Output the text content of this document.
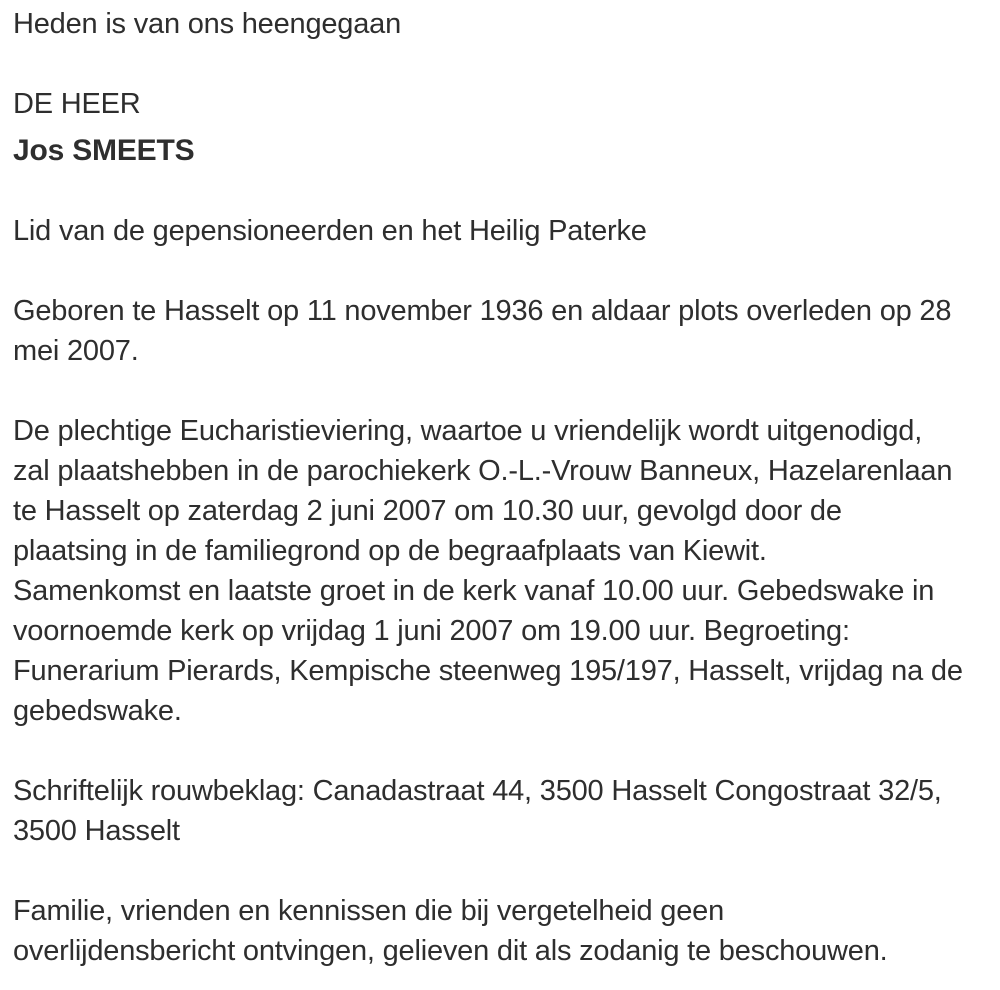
Heden is van ons heengegaan

DE HEER

Jos SMEETS

Lid van de gepensioneerden en het Heilig Paterke

Geboren te Hasselt op 11 november 1936 en aldaar plots overleden op 28
mei 2007.

De plechtige Eucharistieviering, waartoe u vriendelijk wordt uitgenodigd,
zal plaatshebben in de parochiekerk O.-L.-Vrouw Banneux, Hazelarenlaan
te Hasselt op zaterdag 2 juni 2007 om 10.30 uur, gevolgd door de
plaatsing in de familiegrond op de begraafplaats van Kiewit.
Samenkomst en laatste groet in de kerk vanaf 10.00 uur. Gebedswake in
voornoemde kerk op vrijdag 1 juni 2007 om 19.00 uur. Begroeting:
Funerarium Pierards, Kempische steenweg 195/197, Hasselt, vrijdag na de
gebedswake.

Schriftelijk rouwbeklag: Canadastraat 44, 3500 Hasselt Congostraat 32/5,
3500 Hasselt

Familie, vrienden en kennissen die bij vergetelheid geen
overlijdensbericht ontvingen, gelieven dit als zodanig te beschouwen.
